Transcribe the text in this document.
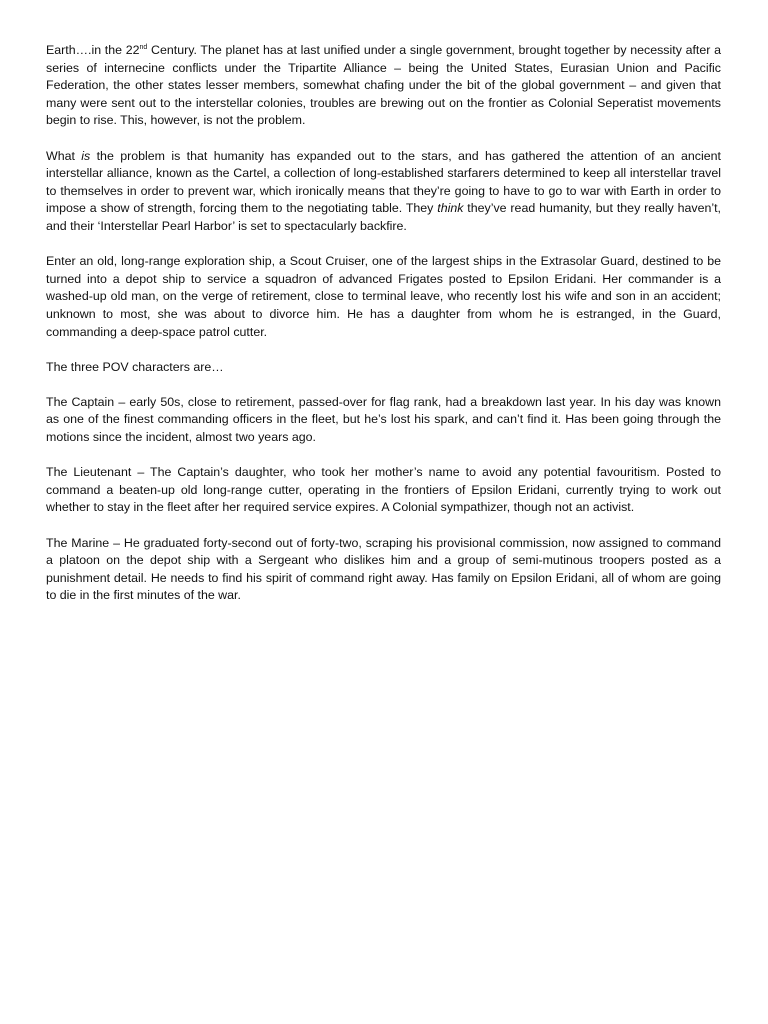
Earth….in the 22nd Century. The planet has at last unified under a single government, brought together by necessity after a series of internecine conflicts under the Tripartite Alliance – being the United States, Eurasian Union and Pacific Federation, the other states lesser members, somewhat chafing under the bit of the global government – and given that many were sent out to the interstellar colonies, troubles are brewing out on the frontier as Colonial Seperatist movements begin to rise. This, however, is not the problem.

What is the problem is that humanity has expanded out to the stars, and has gathered the attention of an ancient interstellar alliance, known as the Cartel, a collection of long-established starfarers determined to keep all interstellar travel to themselves in order to prevent war, which ironically means that they’re going to have to go to war with Earth in order to impose a show of strength, forcing them to the negotiating table. They think they’ve read humanity, but they really haven’t, and their ‘Interstellar Pearl Harbor’ is set to spectacularly backfire.

Enter an old, long-range exploration ship, a Scout Cruiser, one of the largest ships in the Extrasolar Guard, destined to be turned into a depot ship to service a squadron of advanced Frigates posted to Epsilon Eridani. Her commander is a washed-up old man, on the verge of retirement, close to terminal leave, who recently lost his wife and son in an accident; unknown to most, she was about to divorce him. He has a daughter from whom he is estranged, in the Guard, commanding a deep-space patrol cutter.

The three POV characters are…

The Captain – early 50s, close to retirement, passed-over for flag rank, had a breakdown last year. In his day was known as one of the finest commanding officers in the fleet, but he’s lost his spark, and can’t find it. Has been going through the motions since the incident, almost two years ago.

The Lieutenant – The Captain’s daughter, who took her mother’s name to avoid any potential favouritism. Posted to command a beaten-up old long-range cutter, operating in the frontiers of Epsilon Eridani, currently trying to work out whether to stay in the fleet after her required service expires. A Colonial sympathizer, though not an activist.

The Marine – He graduated forty-second out of forty-two, scraping his provisional commission, now assigned to command a platoon on the depot ship with a Sergeant who dislikes him and a group of semi-mutinous troopers posted as a punishment detail. He needs to find his spirit of command right away. Has family on Epsilon Eridani, all of whom are going to die in the first minutes of the war.
